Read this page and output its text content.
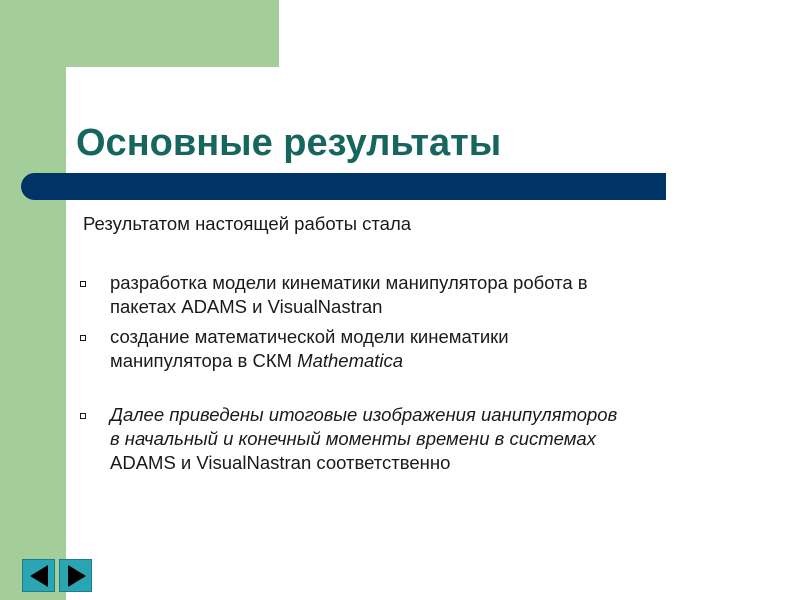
Основные результаты
Результатом настоящей работы стала
разработка модели кинематики манипулятора робота в
пакетах ADAMS и VisualNastran
создание математической модели кинематики
манипулятора в СКМ Mathematica
Далее приведены итоговые изображения ианипуляторов
в начальный и конечный моменты времени в системах
ADAMS и VisualNastran соответственно
